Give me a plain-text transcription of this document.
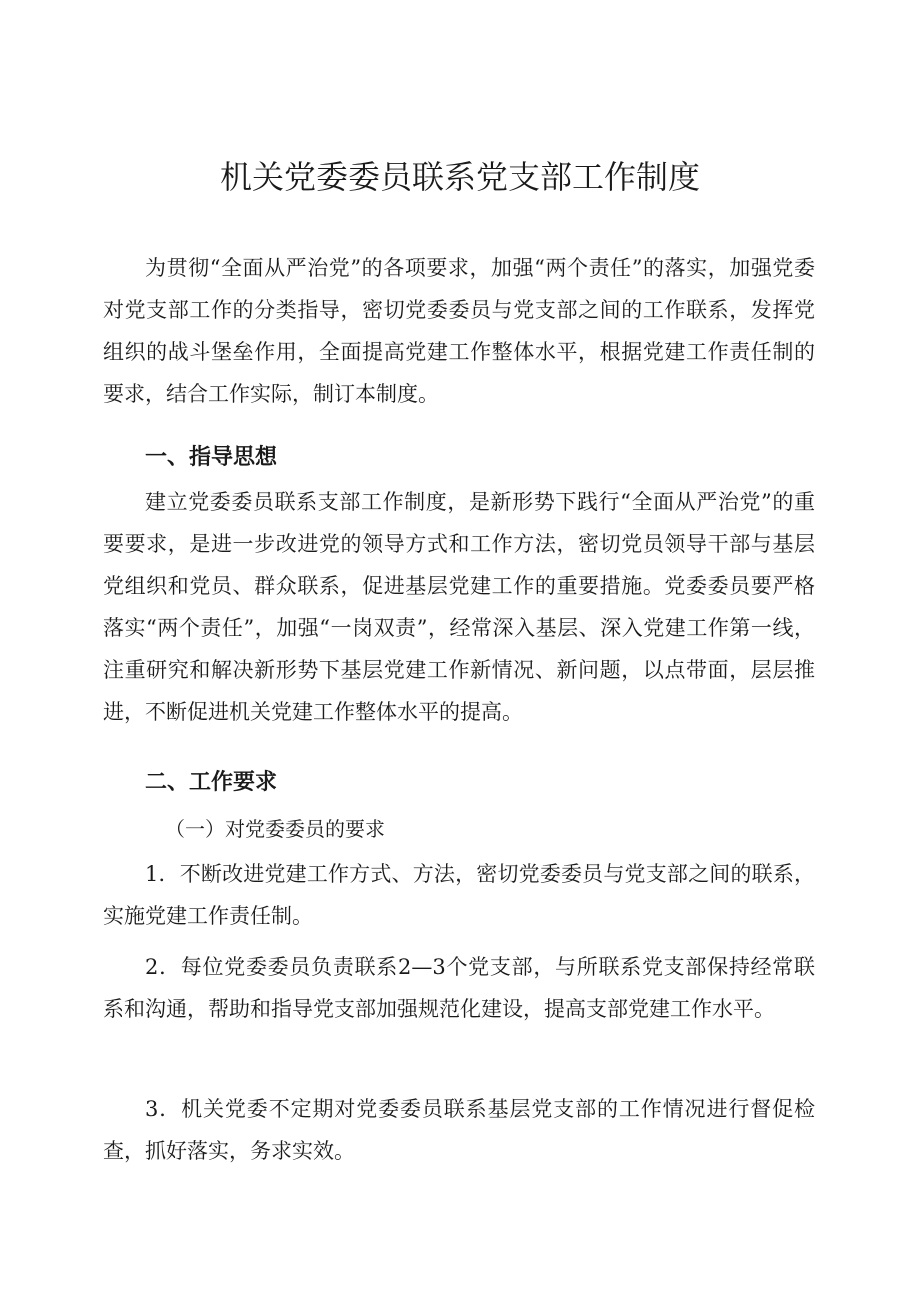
机关党委委员联系党支部工作制度

为贯彻“全面从严治党”的各项要求，加强“两个责任”的落实，加强党委对党支部工作的分类指导，密切党委委员与党支部之间的工作联系，发挥党组织的战斗堡垒作用，全面提高党建工作整体水平，根据党建工作责任制的要求，结合工作实际，制订本制度。

一、指导思想

建立党委委员联系支部工作制度，是新形势下践行“全面从严治党”的重要要求，是进一步改进党的领导方式和工作方法，密切党员领导干部与基层党组织和党员、群众联系，促进基层党建工作的重要措施。党委委员要严格落实“两个责任”，加强“一岗双责”，经常深入基层、深入党建工作第一线，注重研究和解决新形势下基层党建工作新情况、新问题，以点带面，层层推进，不断促进机关党建工作整体水平的提高。

二、工作要求

（一）对党委委员的要求

1．不断改进党建工作方式、方法，密切党委委员与党支部之间的联系，实施党建工作责任制。

2．每位党委委员负责联系2—3个党支部，与所联系党支部保持经常联系和沟通，帮助和指导党支部加强规范化建设，提高支部党建工作水平。

3．机关党委不定期对党委委员联系基层党支部的工作情况进行督促检查，抓好落实，务求实效。
